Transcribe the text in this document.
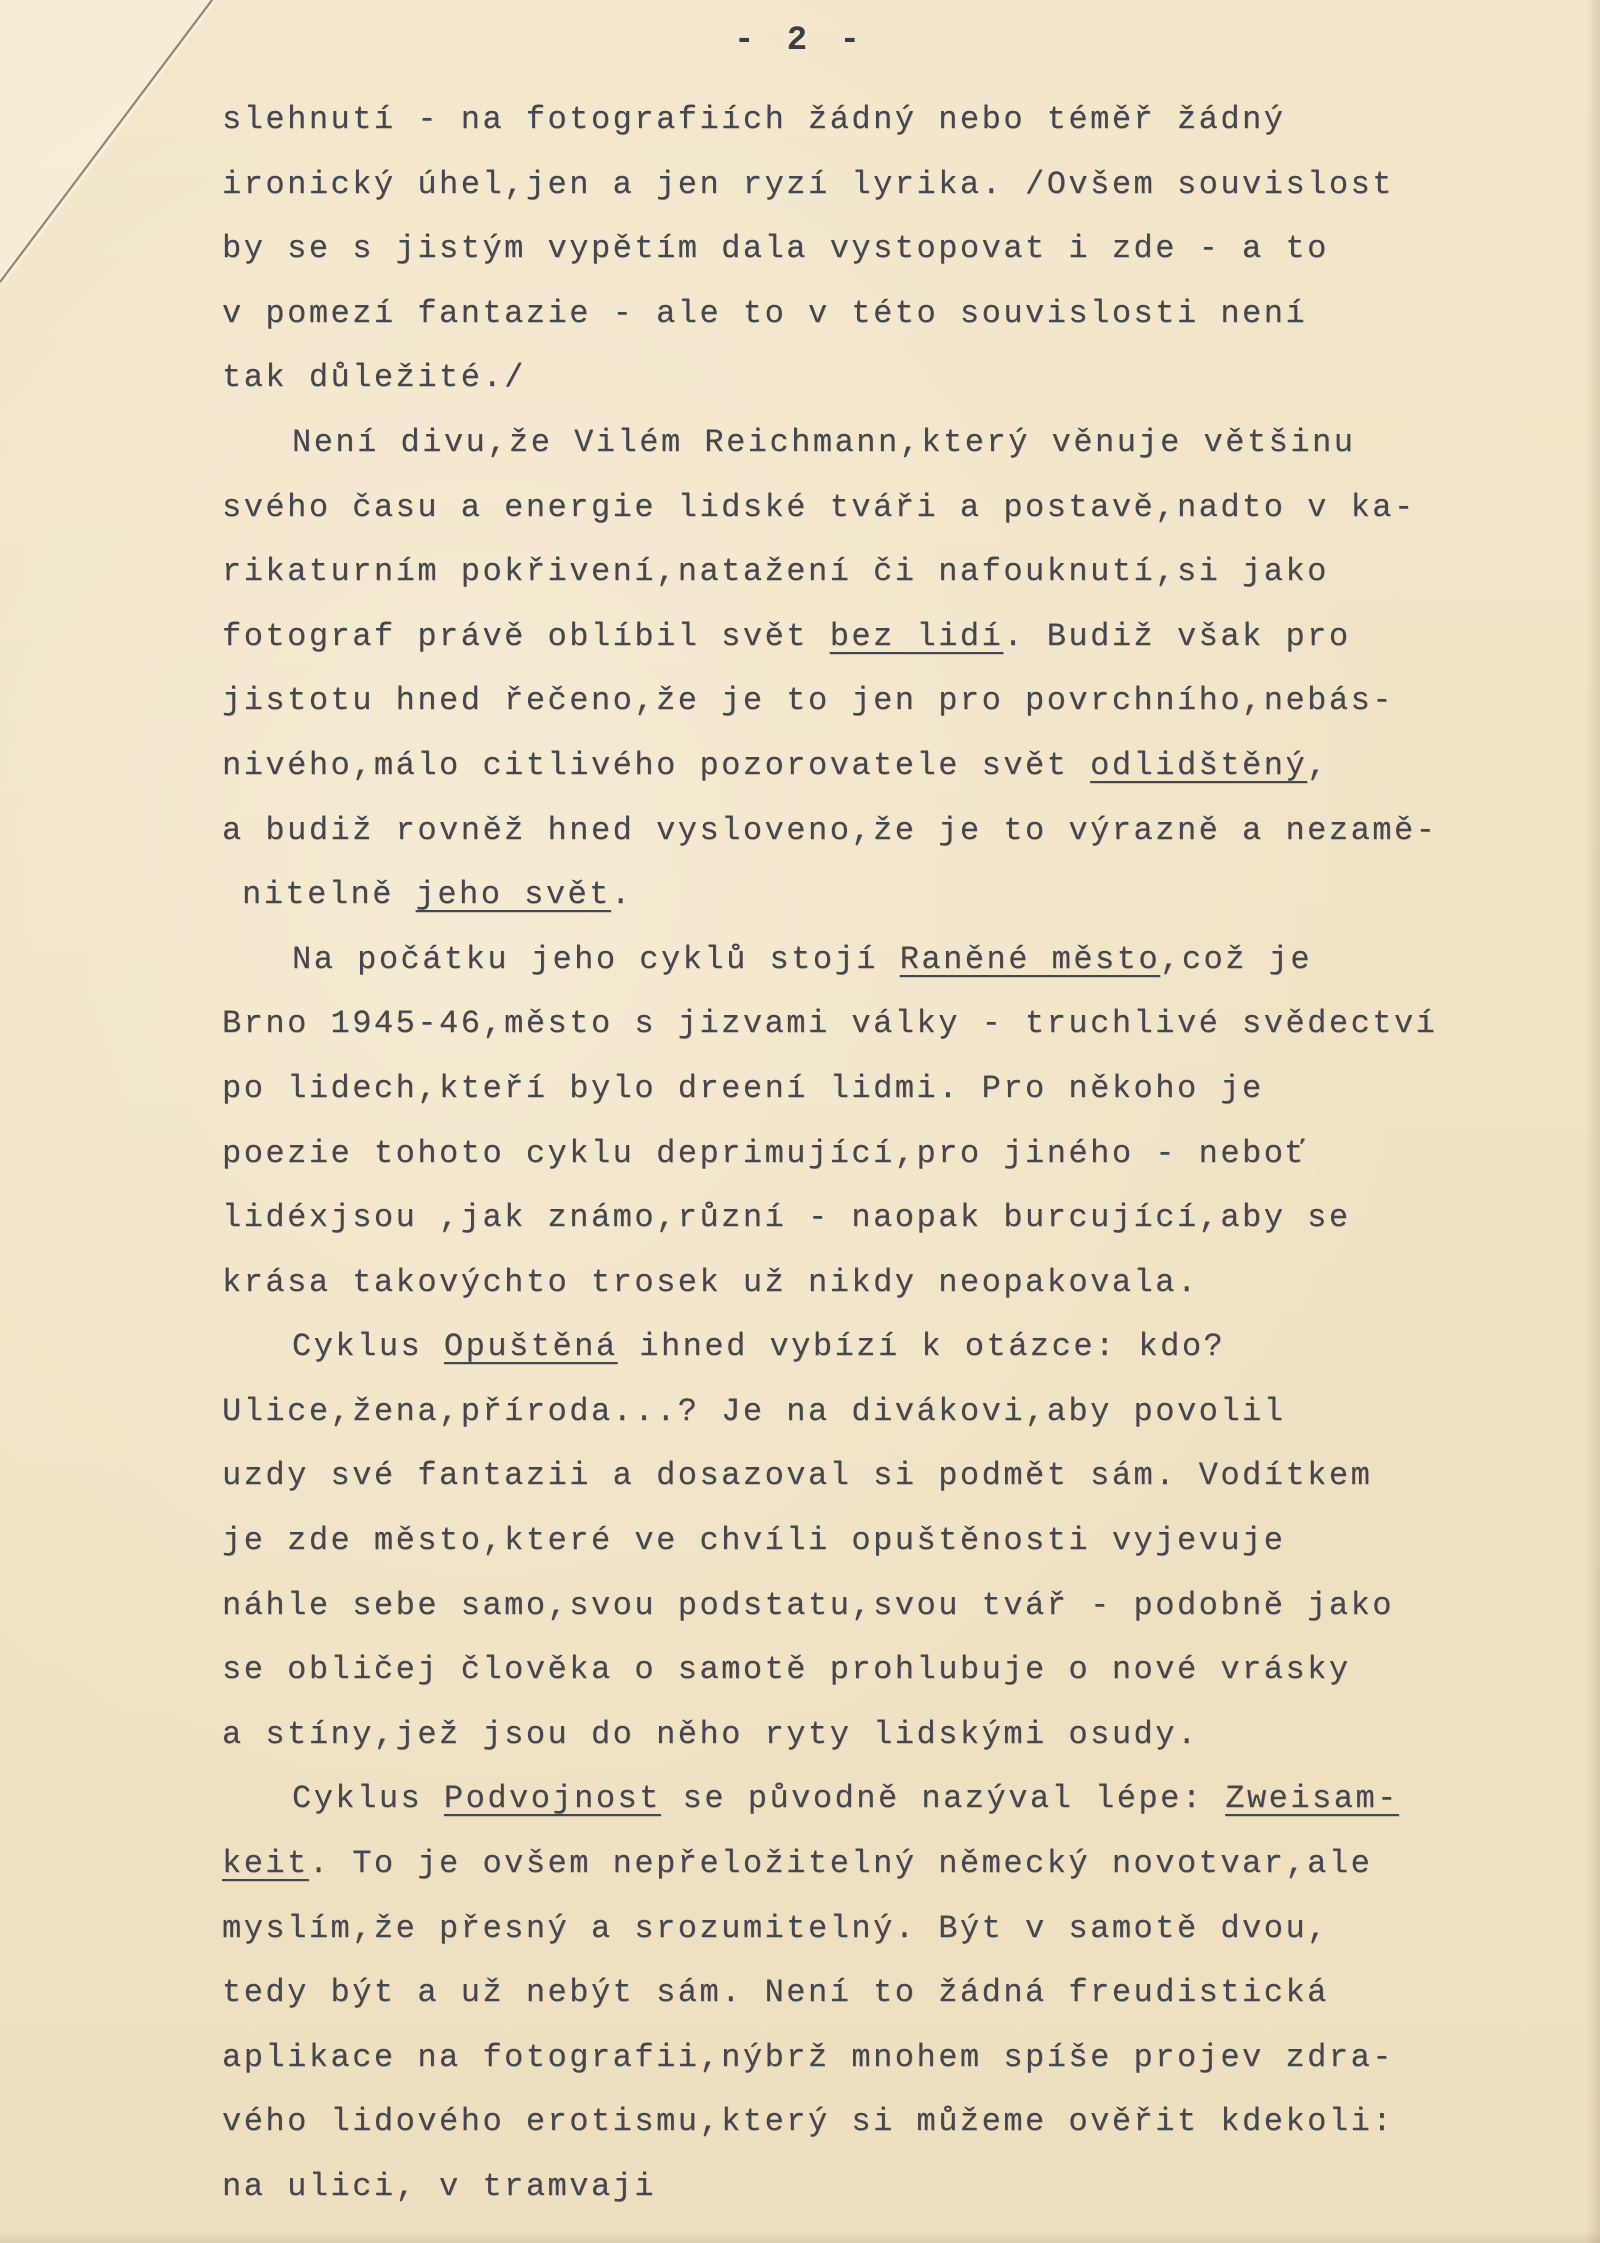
- 2 -
slehnutí - na fotografiích žádný nebo téměř žádný
ironický úhel,jen a jen ryzí lyrika. /Ovšem souvislost
by se s jistým vypětím dala vystopovat i zde - a to
v pomezí fantazie - ale to v této souvislosti není
tak důležité./
Není divu,že Vilém Reichmann,který věnuje většinu
svého času a energie lidské tváři a postavě,nadto v ka-
rikaturním pokřivení,natažení či nafouknutí,si jako
fotograf právě oblíbil svět bez lidí. Budiž však pro
jistotu hned řečeno,že je to jen pro povrchního,nebás-
nivého,málo citlivého pozorovatele svět odlidštěný,
a budiž rovněž hned vysloveno,že je to výrazně a nezamě-
nitelně jeho svět.
Na počátku jeho cyklů stojí Raněné město,což je
Brno 1945-46,město s jizvami války - truchlivé svědectví
po lidech,kteří bylo dreení lidmi. Pro někoho je
poezie tohoto cyklu deprimující,pro jiného - neboť
lidéxjsou ,jak známo,různí - naopak burcující,aby se
krása takovýchto trosek už nikdy neopakovala.
Cyklus Opuštěná ihned vybízí k otázce: kdo?
Ulice,žena,příroda...? Je na divákovi,aby povolil
uzdy své fantazii a dosazoval si podmět sám. Vodítkem
je zde město,které ve chvíli opuštěnosti vyjevuje
náhle sebe samo,svou podstatu,svou tvář - podobně jako
se obličej člověka o samotě prohlubuje o nové vrásky
a stíny,jež jsou do něho ryty lidskými osudy.
Cyklus Podvojnost se původně nazýval lépe: Zweisam-
keit. To je ovšem nepřeložitelný německý novotvar,ale
myslím,že přesný a srozumitelný. Být v samotě dvou,
tedy být a už nebýt sám. Není to žádná freudistická
aplikace na fotografii,nýbrž mnohem spíše projev zdra-
vého lidového erotismu,který si můžeme ověřit kdekoli:
na ulici, v tramvaji
